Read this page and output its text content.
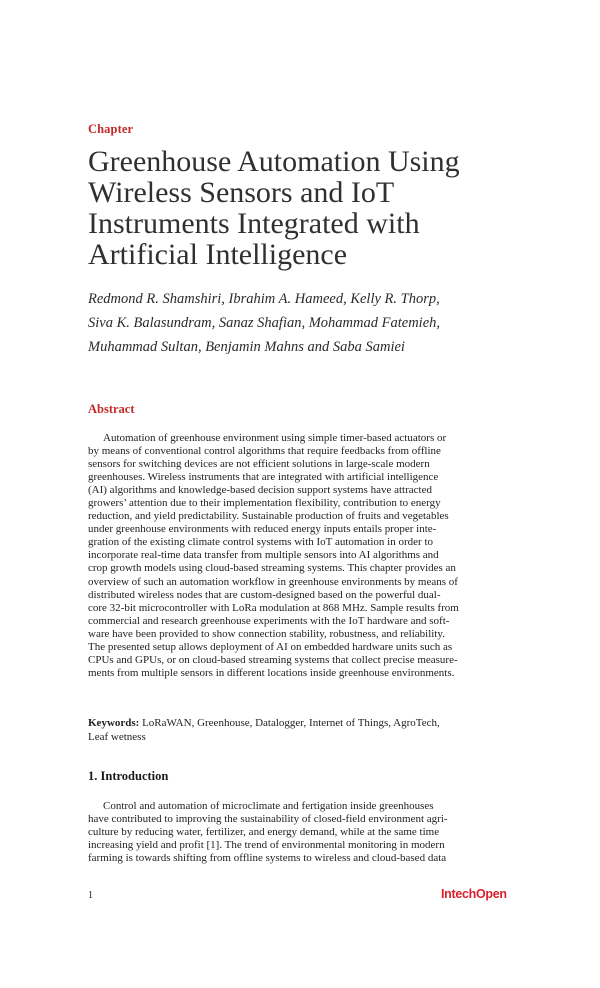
Chapter
Greenhouse Automation Using
Wireless Sensors and IoT
Instruments Integrated with
Artificial Intelligence
Redmond R. Shamshiri, Ibrahim A. Hameed, Kelly R. Thorp,
Siva K. Balasundram, Sanaz Shafian, Mohammad Fatemieh,
Muhammad Sultan, Benjamin Mahns and Saba Samiei
Abstract
Automation of greenhouse environment using simple timer-based actuators or
by means of conventional control algorithms that require feedbacks from offline
sensors for switching devices are not efficient solutions in large-scale modern
greenhouses. Wireless instruments that are integrated with artificial intelligence
(AI) algorithms and knowledge-based decision support systems have attracted
growers’ attention due to their implementation flexibility, contribution to energy
reduction, and yield predictability. Sustainable production of fruits and vegetables
under greenhouse environments with reduced energy inputs entails proper inte-
gration of the existing climate control systems with IoT automation in order to
incorporate real-time data transfer from multiple sensors into AI algorithms and
crop growth models using cloud-based streaming systems. This chapter provides an
overview of such an automation workflow in greenhouse environments by means of
distributed wireless nodes that are custom-designed based on the powerful dual-
core 32-bit microcontroller with LoRa modulation at 868 MHz. Sample results from
commercial and research greenhouse experiments with the IoT hardware and soft-
ware have been provided to show connection stability, robustness, and reliability.
The presented setup allows deployment of AI on embedded hardware units such as
CPUs and GPUs, or on cloud-based streaming systems that collect precise measure-
ments from multiple sensors in different locations inside greenhouse environments.
Keywords: LoRaWAN, Greenhouse, Datalogger, Internet of Things, AgroTech,
Leaf wetness
1. Introduction
Control and automation of microclimate and fertigation inside greenhouses
have contributed to improving the sustainability of closed-field environment agri-
culture by reducing water, fertilizer, and energy demand, while at the same time
increasing yield and profit [1]. The trend of environmental monitoring in modern
farming is towards shifting from offline systems to wireless and cloud-based data
1	IntechOpen
